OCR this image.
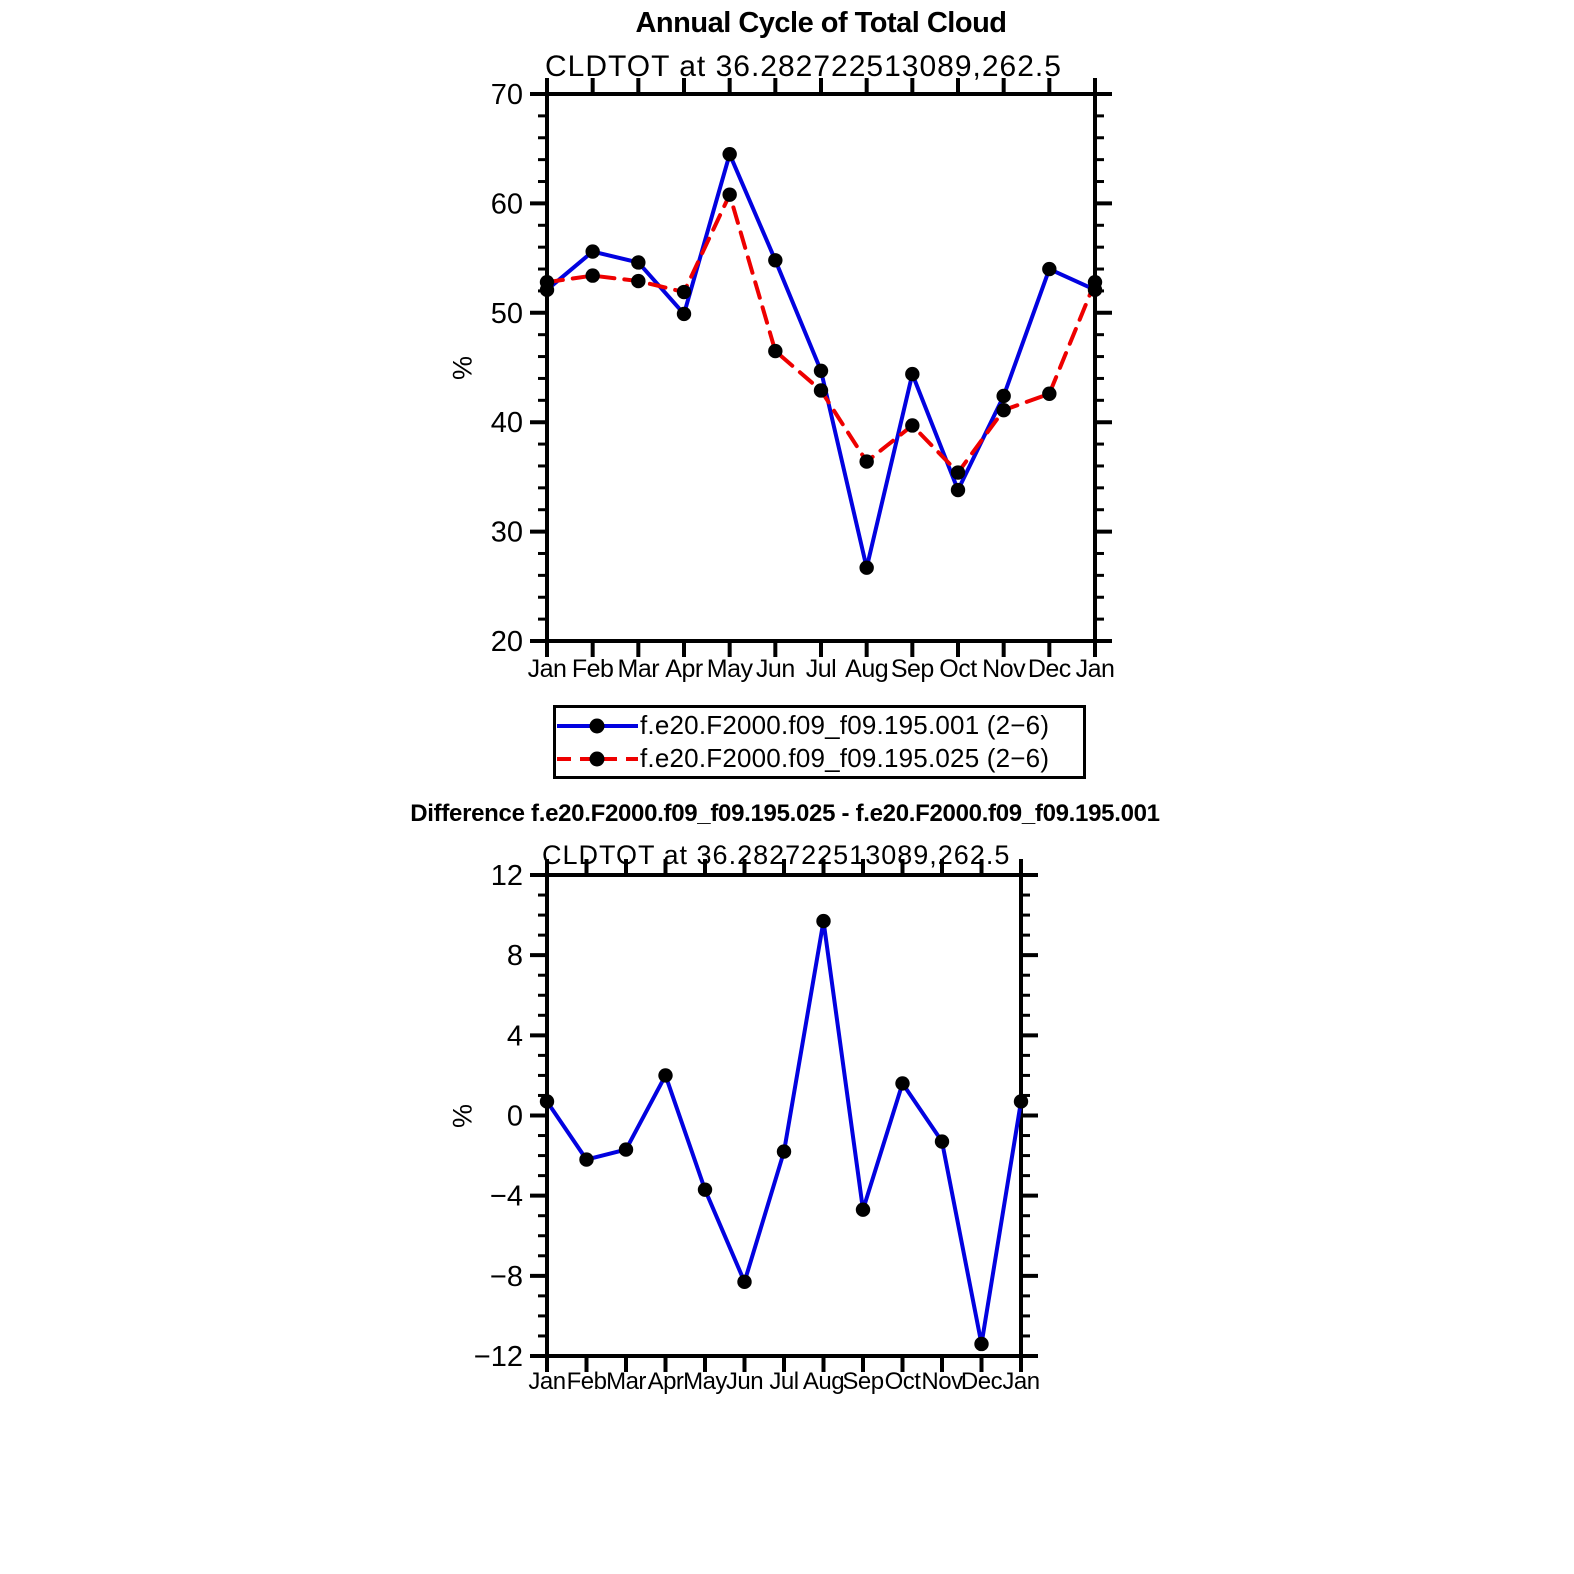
20
30
40
50
60
70
Jan Feb Mar Apr May Jun Jul Aug Sep Oct Nov Dec Jan
−12
−8
−4
0
4
8
12
Jan Feb Mar Apr May
Jun Jul Aug
Sep Oct Nov
Dec Jan
Annual Cycle of Total Cloud
CLDTOT at 36.282722513089,262.5
%
f.e20.F2000.f09_f09.195.001 (2−6)
f.e20.F2000.f09_f09.195.025 (2−6)
Difference f.e20.F2000.f09_f09.195.025 - f.e20.F2000.f09_f09.195.001
CLDTOT at 36.282722513089,262.5
%
